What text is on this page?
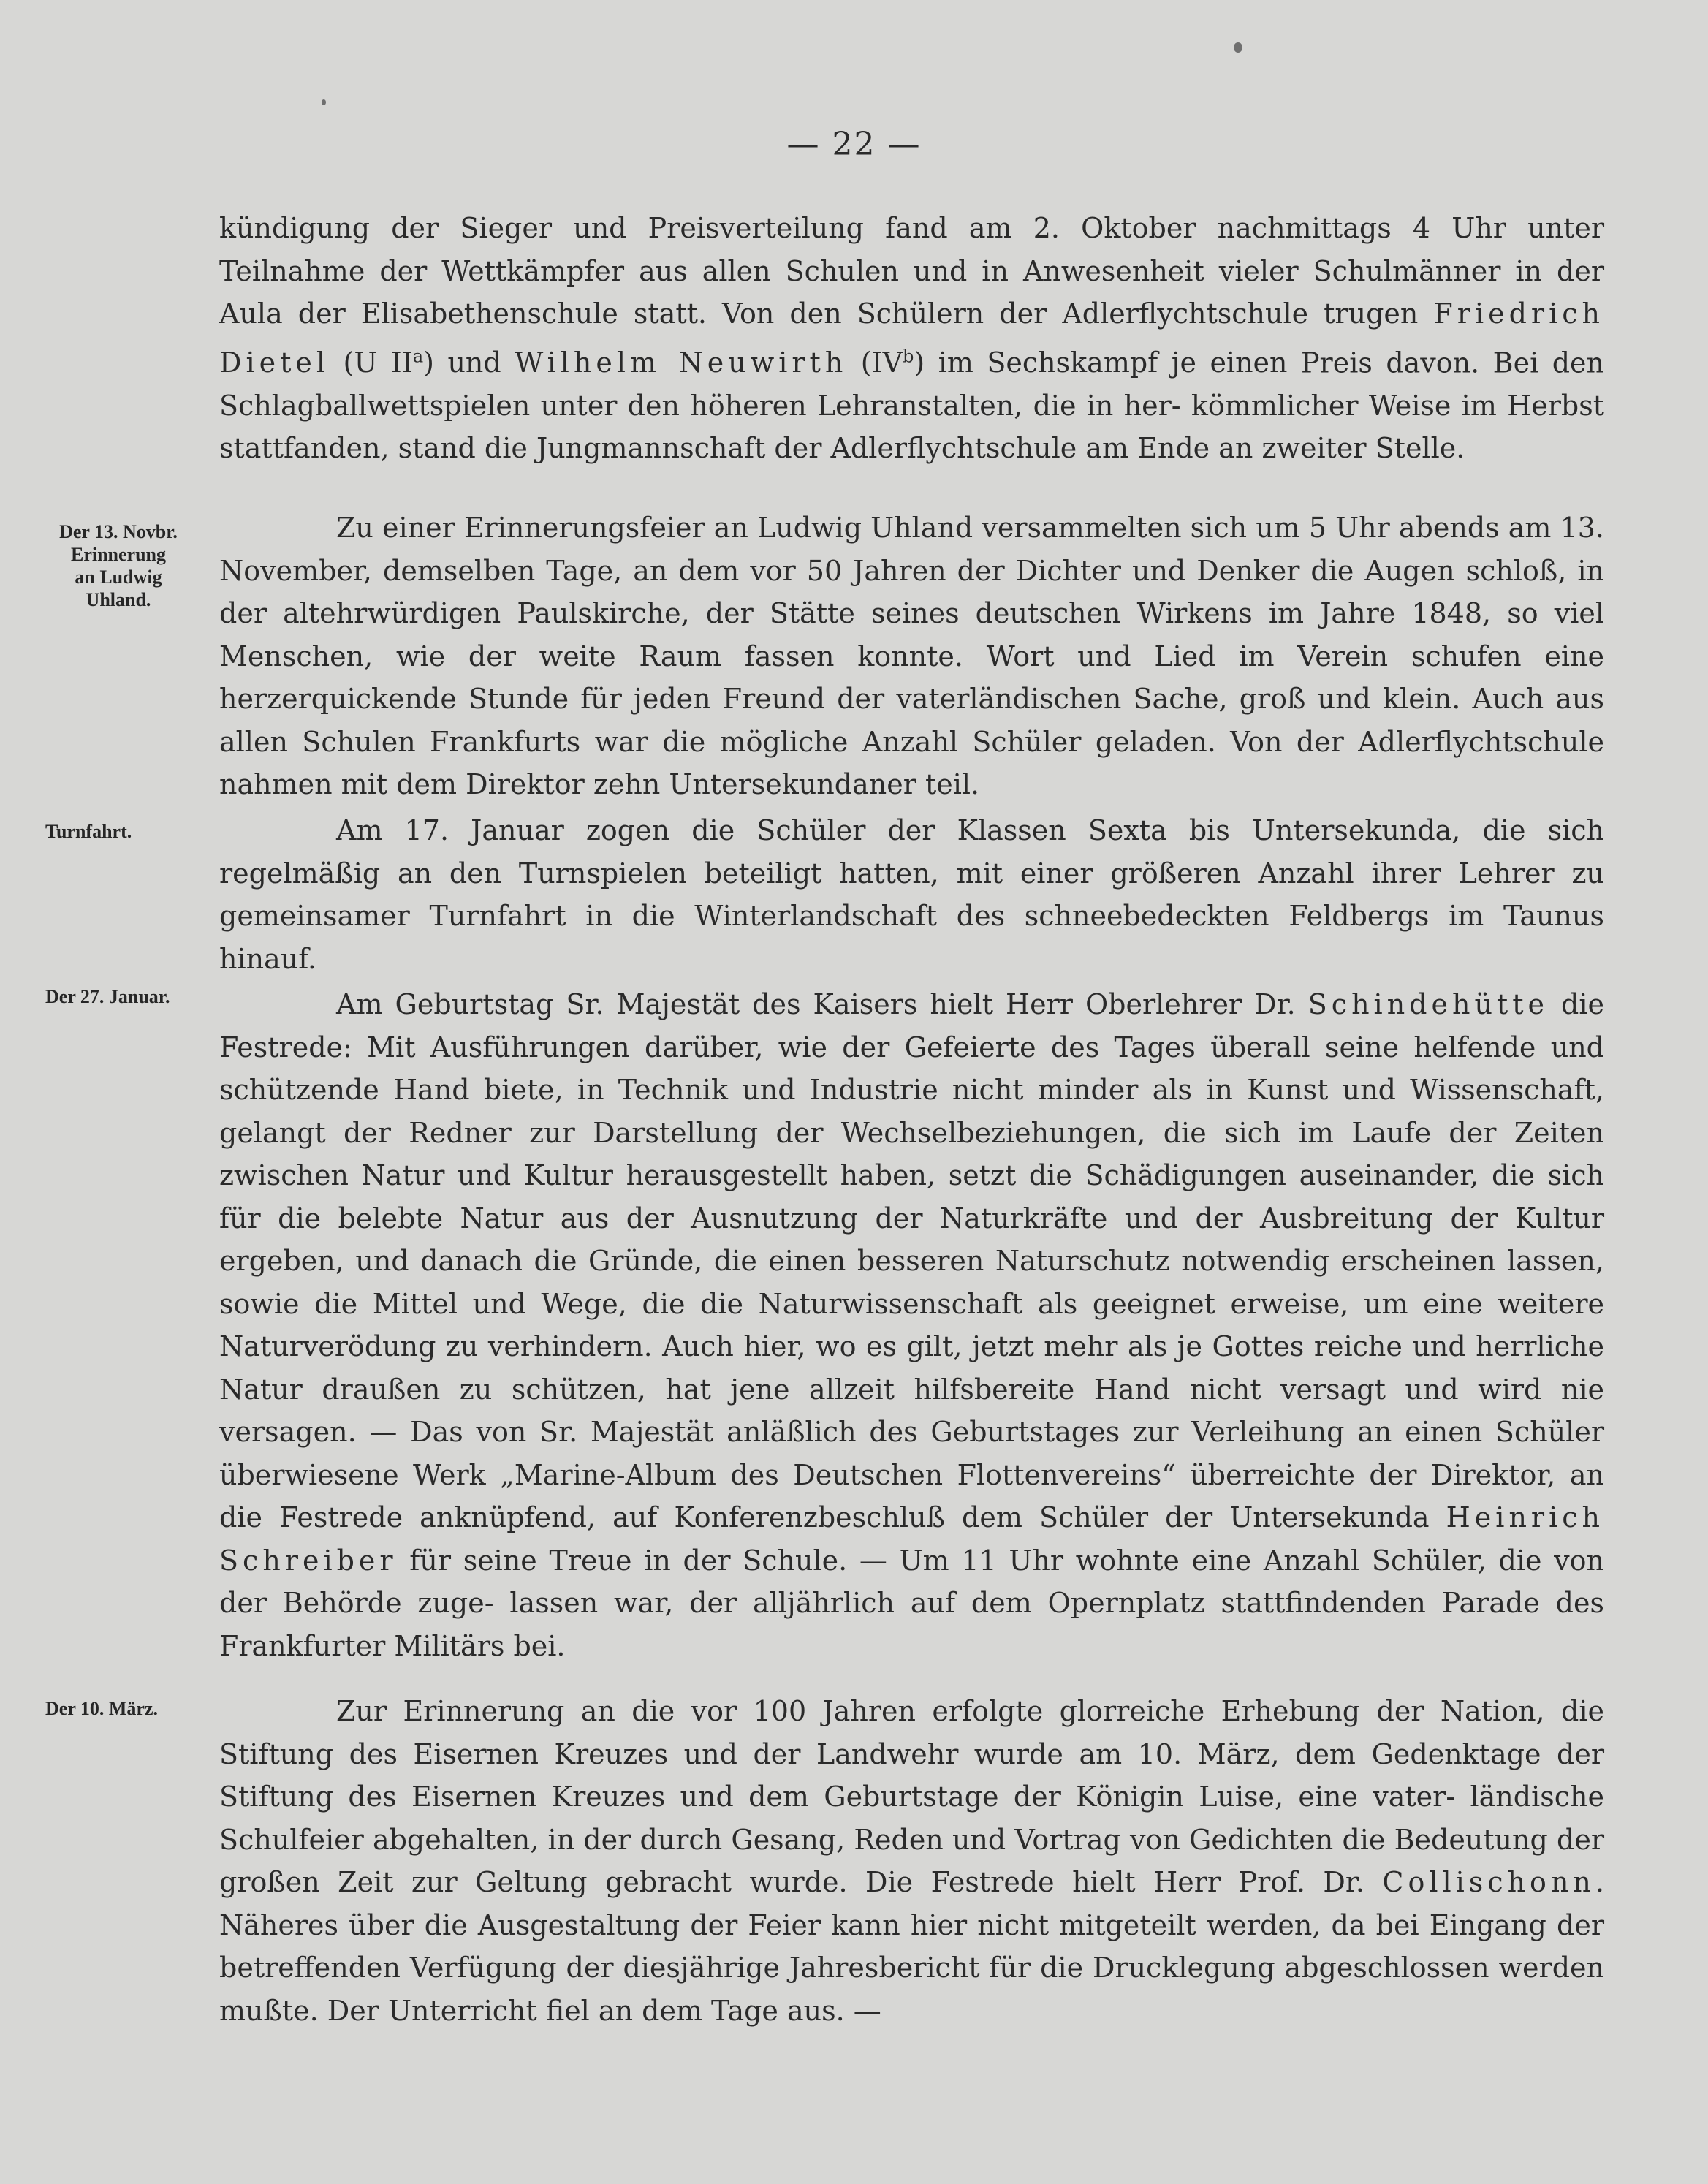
— 22 —

kündigung der Sieger und Preisverteilung fand am 2. Oktober nachmittags 4 Uhr unter Teilnahme der Wettkämpfer aus allen Schulen und in Anwesenheit vieler Schulmänner in der Aula der Elisabethenschule statt. Von den Schülern der Adlerflychtschule trugen Friedrich Dietel (U $II^a$) und Wilhelm Neuwirth $(IV^b)$ im Sechskampf je einen Preis davon. Bei den Schlagballwettspielen unter den höheren Lehranstalten, die in her- kömmlicher Weise im Herbst stattfanden, stand die Jungmannschaft der Adlerflychtschule am Ende an zweiter Stelle.

Der 13. Novbr.
Erinnerung
an Ludwig
Uhland.

Zu einer Erinnerungsfeier an Ludwig Uhland versammelten sich um 5 Uhr abends am 13. November, demselben Tage, an dem vor 50 Jahren der Dichter und Denker die Augen schloß, in der altehrwürdigen Paulskirche, der Stätte seines deutschen Wirkens im Jahre 1848, so viel Menschen, wie der weite Raum fassen konnte. Wort und Lied im Verein schufen eine herzerquickende Stunde für jeden Freund der vaterländischen Sache, groß und klein. Auch aus allen Schulen Frankfurts war die mögliche Anzahl Schüler geladen. Von der Adlerflychtschule nahmen mit dem Direktor zehn Untersekundaner teil.

Turnfahrt.	Am 17. Januar zogen die Schüler der Klassen Sexta bis Untersekunda, die sich regelmäßig an den Turnspielen beteiligt hatten, mit einer größeren Anzahl ihrer Lehrer zu gemeinsamer Turnfahrt in die Winterlandschaft des schneebedeckten Feldbergs im Taunus hinauf.

Der 27. Januar.	Am Geburtstag Sr. Majestät des Kaisers hielt Herr Oberlehrer Dr. Schindehütte die Festrede: Mit Ausführungen darüber, wie der Gefeierte des Tages überall seine helfende und schützende Hand biete, in Technik und Industrie nicht minder als in Kunst und Wissenschaft, gelangt der Redner zur Darstellung der Wechselbeziehungen, die sich im Laufe der Zeiten zwischen Natur und Kultur herausgestellt haben, setzt die Schädigungen auseinander, die sich für die belebte Natur aus der Ausnutzung der Naturkräfte und der Ausbreitung der Kultur ergeben, und danach die Gründe, die einen besseren Naturschutz notwendig erscheinen lassen, sowie die Mittel und Wege, die die Naturwissenschaft als geeignet erweise, um eine weitere Naturverödung zu verhindern. Auch hier, wo es gilt, jetzt mehr als je Gottes reiche und herrliche Natur draußen zu schützen, hat jene allzeit hilfsbereite Hand nicht versagt und wird nie versagen. — Das von Sr. Majestät anläßlich des Geburtstages zur Verleihung an einen Schüler überwiesene Werk „Marine-Album des Deutschen Flottenvereins“ überreichte der Direktor, an die Festrede anknüpfend, auf Konferenzbeschluß dem Schüler der Untersekunda Heinrich Schreiber für seine Treue in der Schule. — Um 11 Uhr wohnte eine Anzahl Schüler, die von der Behörde zuge- lassen war, der alljährlich auf dem Opernplatz stattfindenden Parade des Frankfurter Militärs bei.

Der 10. März.	Zur Erinnerung an die vor 100 Jahren erfolgte glorreiche Erhebung der Nation, die Stiftung des Eisernen Kreuzes und der Landwehr wurde am 10. März, dem Gedenktage der Stiftung des Eisernen Kreuzes und dem Geburtstage der Königin Luise, eine vater- ländische Schulfeier abgehalten, in der durch Gesang, Reden und Vortrag von Gedichten die Bedeutung der großen Zeit zur Geltung gebracht wurde. Die Festrede hielt Herr Prof. Dr. Collischonn. Näheres über die Ausgestaltung der Feier kann hier nicht mitgeteilt werden, da bei Eingang der betreffenden Verfügung der diesjährige Jahresbericht für die Drucklegung abgeschlossen werden mußte. Der Unterricht fiel an dem Tage aus. —
